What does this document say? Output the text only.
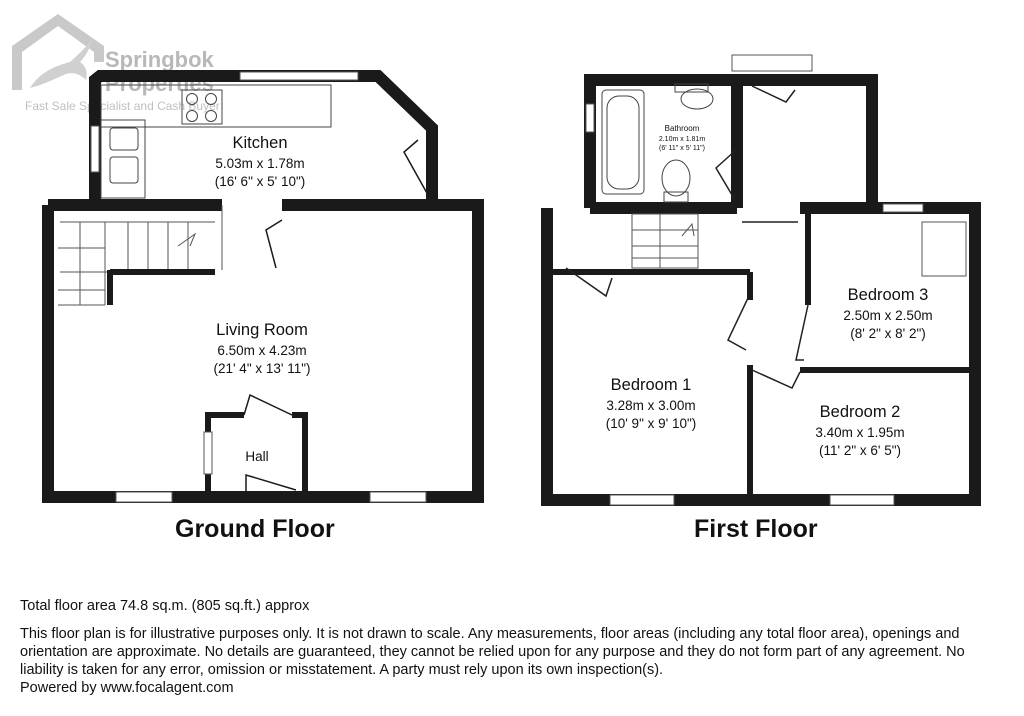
Springbok
Properties ®
Fast Sale Specialist and Cash Buyer
Kitchen
5.03m x 1.78m
(16' 6" x 5' 10")
Living Room
6.50m x 4.23m
(21' 4" x 13' 11")
Hall
Bathroom
2.10m x 1.81m
(6' 11" x 5' 11")
Bedroom 3
2.50m x 2.50m
(8' 2" x 8' 2")
Bedroom 1
3.28m x 3.00m
(10' 9" x 9' 10")
Bedroom 2
3.40m x 1.95m
(11' 2" x 6' 5")
Ground Floor	First Floor
Total floor area 74.8 sq.m. (805 sq.ft.) approx
This floor plan is for illustrative purposes only. It is not drawn to scale. Any measurements, floor areas (including any total floor area), openings and orientation are approximate. No details are guaranteed, they cannot be relied upon for any purpose and they do not form part of any agreement. No liability is taken for any error, omission or misstatement. A party must rely upon its own inspection(s).
Powered by www.focalagent.com
